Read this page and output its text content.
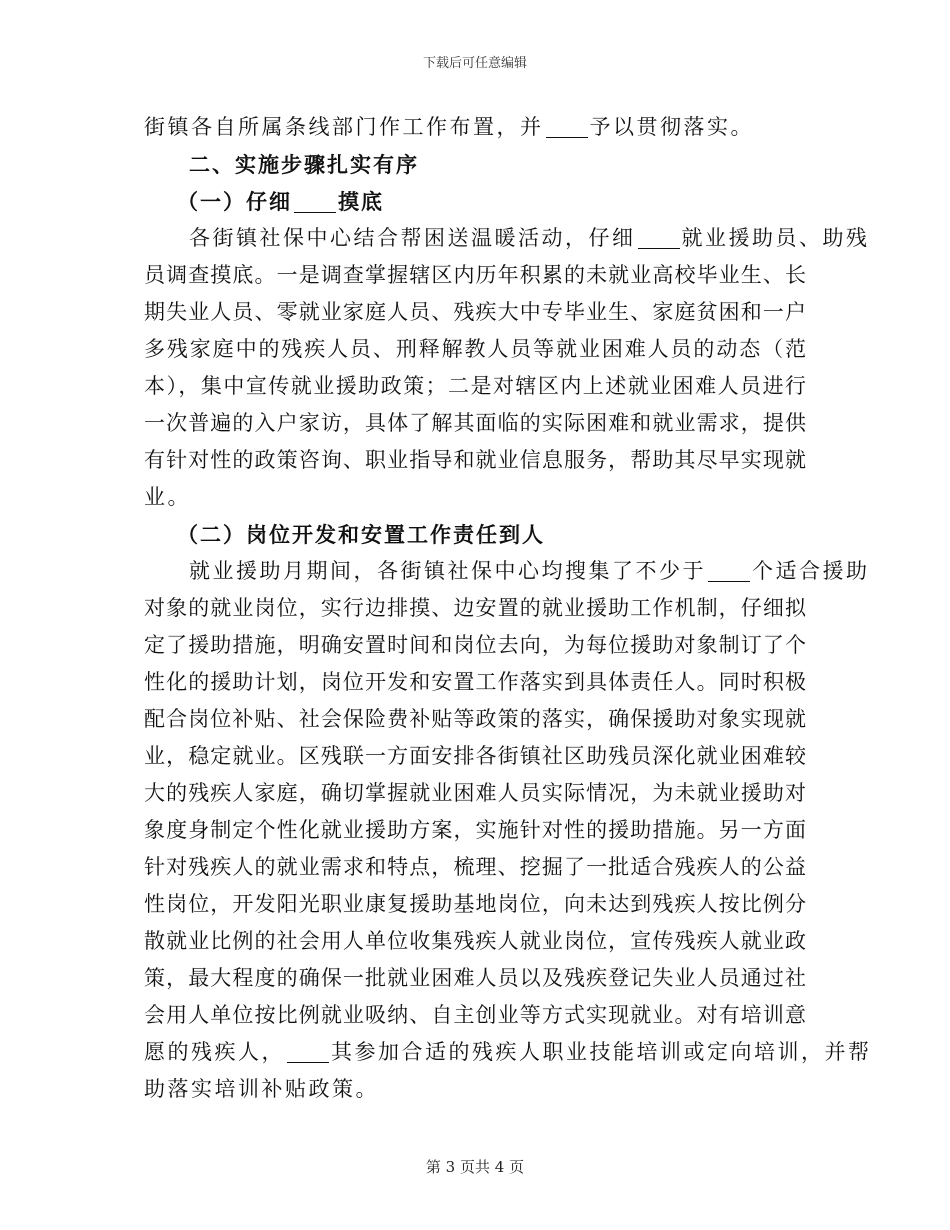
下载后可任意编辑
街镇各自所属条线部门作工作布置，并 予以贯彻落实。
二、实施步骤扎实有序
（一）仔细 摸底
各街镇社保中心结合帮困送温暖活动，仔细 就业援助员、助残
员调查摸底。一是调查掌握辖区内历年积累的未就业高校毕业生、长
期失业人员、零就业家庭人员、残疾大中专毕业生、家庭贫困和一户
多残家庭中的残疾人员、刑释解教人员等就业困难人员的动态（范
本），集中宣传就业援助政策；二是对辖区内上述就业困难人员进行
一次普遍的入户家访，具体了解其面临的实际困难和就业需求，提供
有针对性的政策咨询、职业指导和就业信息服务，帮助其尽早实现就
业。
（二）岗位开发和安置工作责任到人
就业援助月期间，各街镇社保中心均搜集了不少于 个适合援助
对象的就业岗位，实行边排摸、边安置的就业援助工作机制，仔细拟
定了援助措施，明确安置时间和岗位去向，为每位援助对象制订了个
性化的援助计划，岗位开发和安置工作落实到具体责任人。同时积极
配合岗位补贴、社会保险费补贴等政策的落实，确保援助对象实现就
业，稳定就业。区残联一方面安排各街镇社区助残员深化就业困难较
大的残疾人家庭，确切掌握就业困难人员实际情况，为未就业援助对
象度身制定个性化就业援助方案，实施针对性的援助措施。另一方面
针对残疾人的就业需求和特点，梳理、挖掘了一批适合残疾人的公益
性岗位，开发阳光职业康复援助基地岗位，向未达到残疾人按比例分
散就业比例的社会用人单位收集残疾人就业岗位，宣传残疾人就业政
策，最大程度的确保一批就业困难人员以及残疾登记失业人员通过社
会用人单位按比例就业吸纳、自主创业等方式实现就业。对有培训意
愿的残疾人， 其参加合适的残疾人职业技能培训或定向培训，并帮
助落实培训补贴政策。
第 3 页共 4 页
